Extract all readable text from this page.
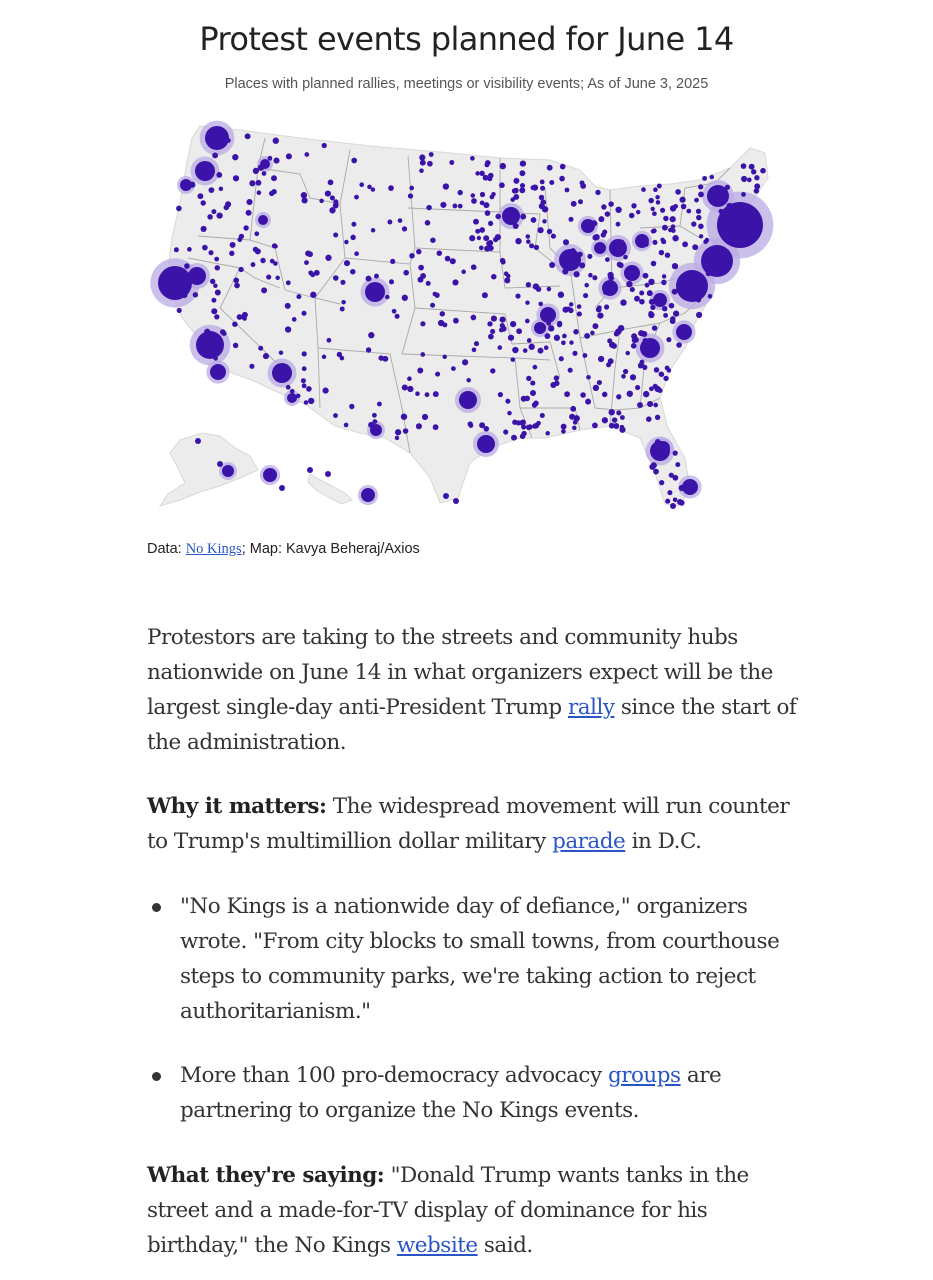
Protest events planned for June 14
Places with planned rallies, meetings or visibility events; As of June 3, 2025
Data: No Kings; Map: Kavya Beheraj/Axios
Protestors are taking to the streets and community hubs nationwide on June 14 in what organizers expect will be the largest single-day anti-President Trump rally since the start of the administration.
Why it matters: The widespread movement will run counter to Trump's multimillion dollar military parade in D.C.
"No Kings is a nationwide day of defiance," organizers wrote. "From city blocks to small towns, from courthouse steps to community parks, we're taking action to reject authoritarianism."
More than 100 pro-democracy advocacy groups are partnering to organize the No Kings events.
What they're saying: "Donald Trump wants tanks in the street and a made-for-TV display of dominance for his birthday," the No Kings website said.
